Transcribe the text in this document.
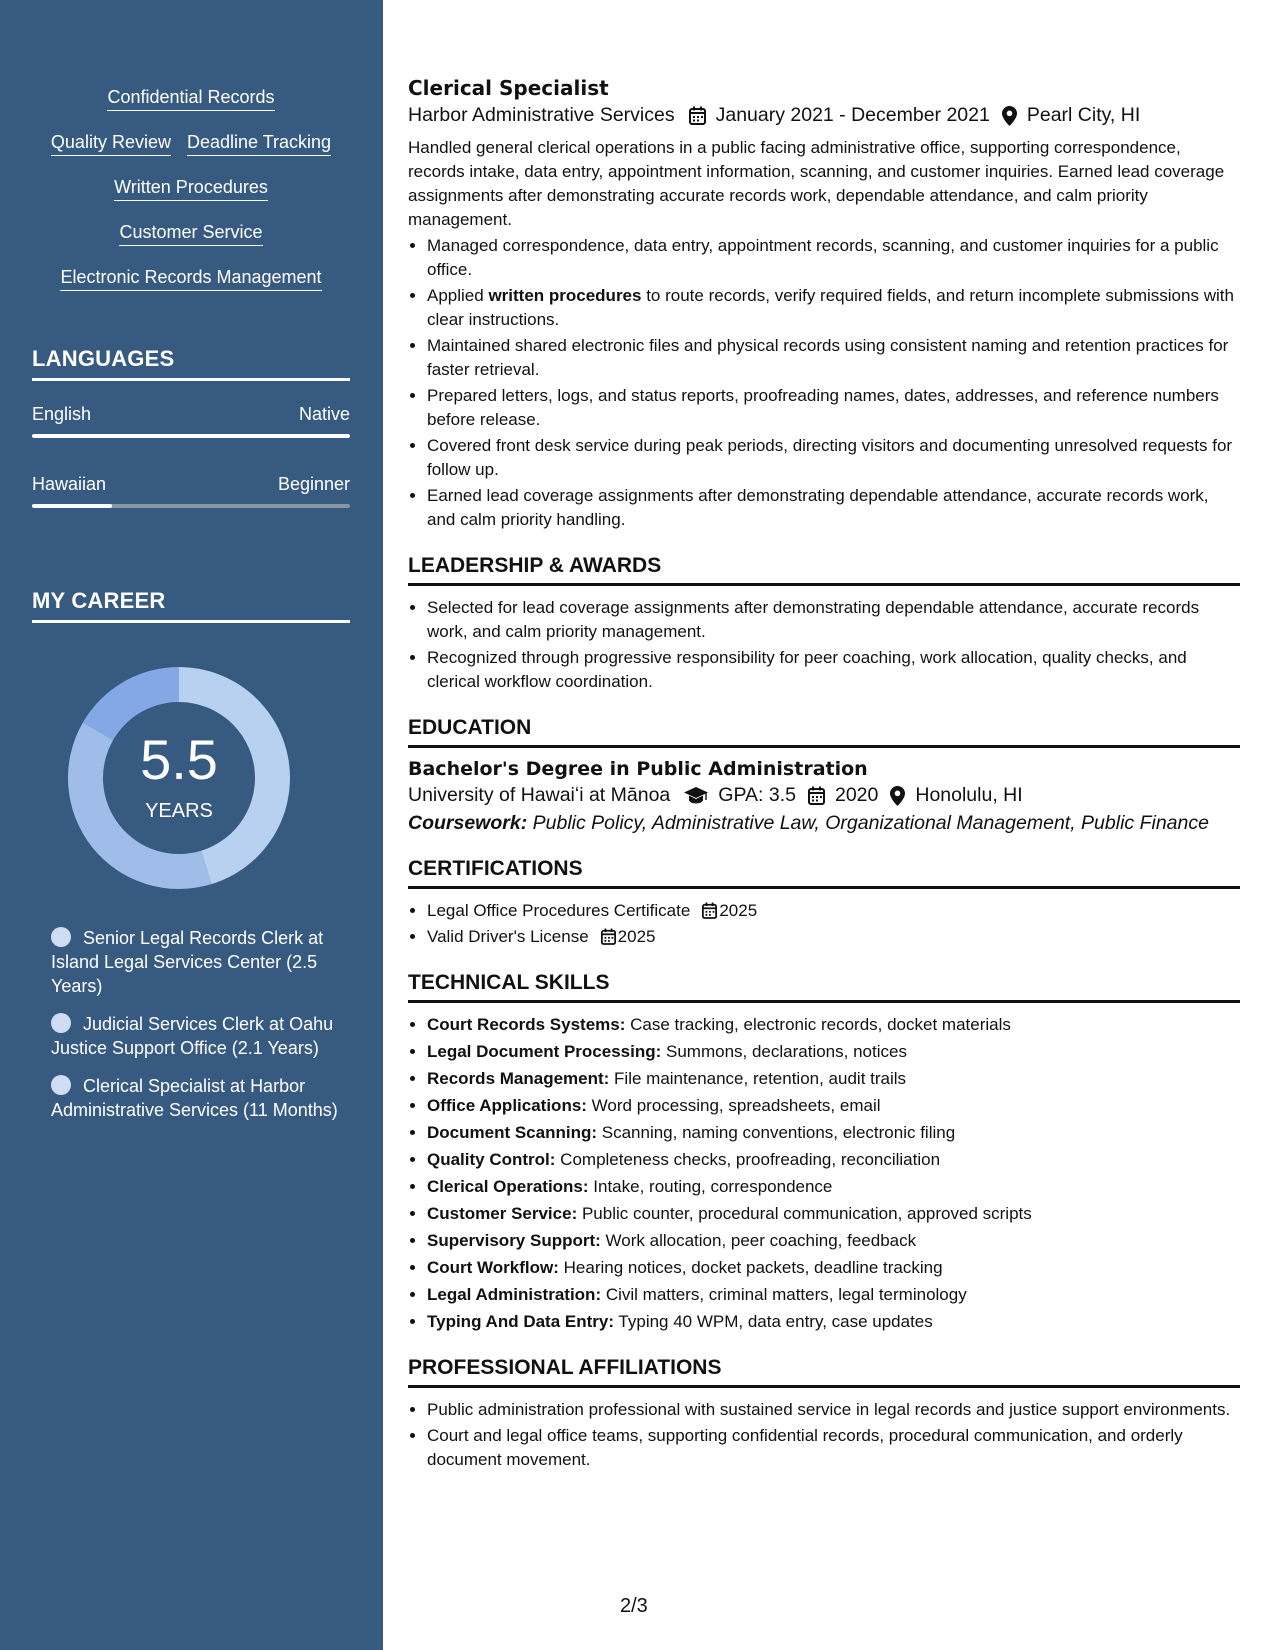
Confidential Records
Quality Review Deadline Tracking
Written Procedures
Customer Service
Electronic Records Management
LANGUAGES
English	Native
Hawaiian	Beginner
MY CAREER
5.5
YEARS
Senior Legal Records Clerk at Island Legal Services Center (2.5 Years)
Judicial Services Clerk at Oahu Justice Support Office (2.1 Years)
Clerical Specialist at Harbor Administrative Services (11 Months)
Clerical Specialist
Harbor Administrative Services January 2021 - December 2021 Pearl City, HI

Handled general clerical operations in a public facing administrative office, supporting correspondence, records intake, data entry, appointment information, scanning, and customer inquiries. Earned lead coverage assignments after demonstrating accurate records work, dependable attendance, and calm priority management.

• Managed correspondence, data entry, appointment records, scanning, and customer inquiries for a public office.
• Applied written procedures to route records, verify required fields, and return incomplete submissions with clear instructions.
• Maintained shared electronic files and physical records using consistent naming and retention practices for faster retrieval.
• Prepared letters, logs, and status reports, proofreading names, dates, addresses, and reference numbers before release.
• Covered front desk service during peak periods, directing visitors and documenting unresolved requests for follow up.
• Earned lead coverage assignments after demonstrating dependable attendance, accurate records work, and calm priority handling.
LEADERSHIP & AWARDS
• Selected for lead coverage assignments after demonstrating dependable attendance, accurate records work, and calm priority management.
• Recognized through progressive responsibility for peer coaching, work allocation, quality checks, and clerical workflow coordination.
EDUCATION
Bachelor's Degree in Public Administration
University of Hawaiʻi at Mānoa GPA: 3.5 2020 Honolulu, HI
Coursework: Public Policy, Administrative Law, Organizational Management, Public Finance
CERTIFICATIONS
• Legal Office Procedures Certificate 2025
• Valid Driver's License 2025
TECHNICAL SKILLS
• Court Records Systems: Case tracking, electronic records, docket materials
• Legal Document Processing: Summons, declarations, notices
• Records Management: File maintenance, retention, audit trails
• Office Applications: Word processing, spreadsheets, email
• Document Scanning: Scanning, naming conventions, electronic filing
• Quality Control: Completeness checks, proofreading, reconciliation
• Clerical Operations: Intake, routing, correspondence
• Customer Service: Public counter, procedural communication, approved scripts
• Supervisory Support: Work allocation, peer coaching, feedback
• Court Workflow: Hearing notices, docket packets, deadline tracking
• Legal Administration: Civil matters, criminal matters, legal terminology
• Typing And Data Entry: Typing 40 WPM, data entry, case updates
PROFESSIONAL AFFILIATIONS
• Public administration professional with sustained service in legal records and justice support environments.
• Court and legal office teams, supporting confidential records, procedural communication, and orderly document movement.
2/3
